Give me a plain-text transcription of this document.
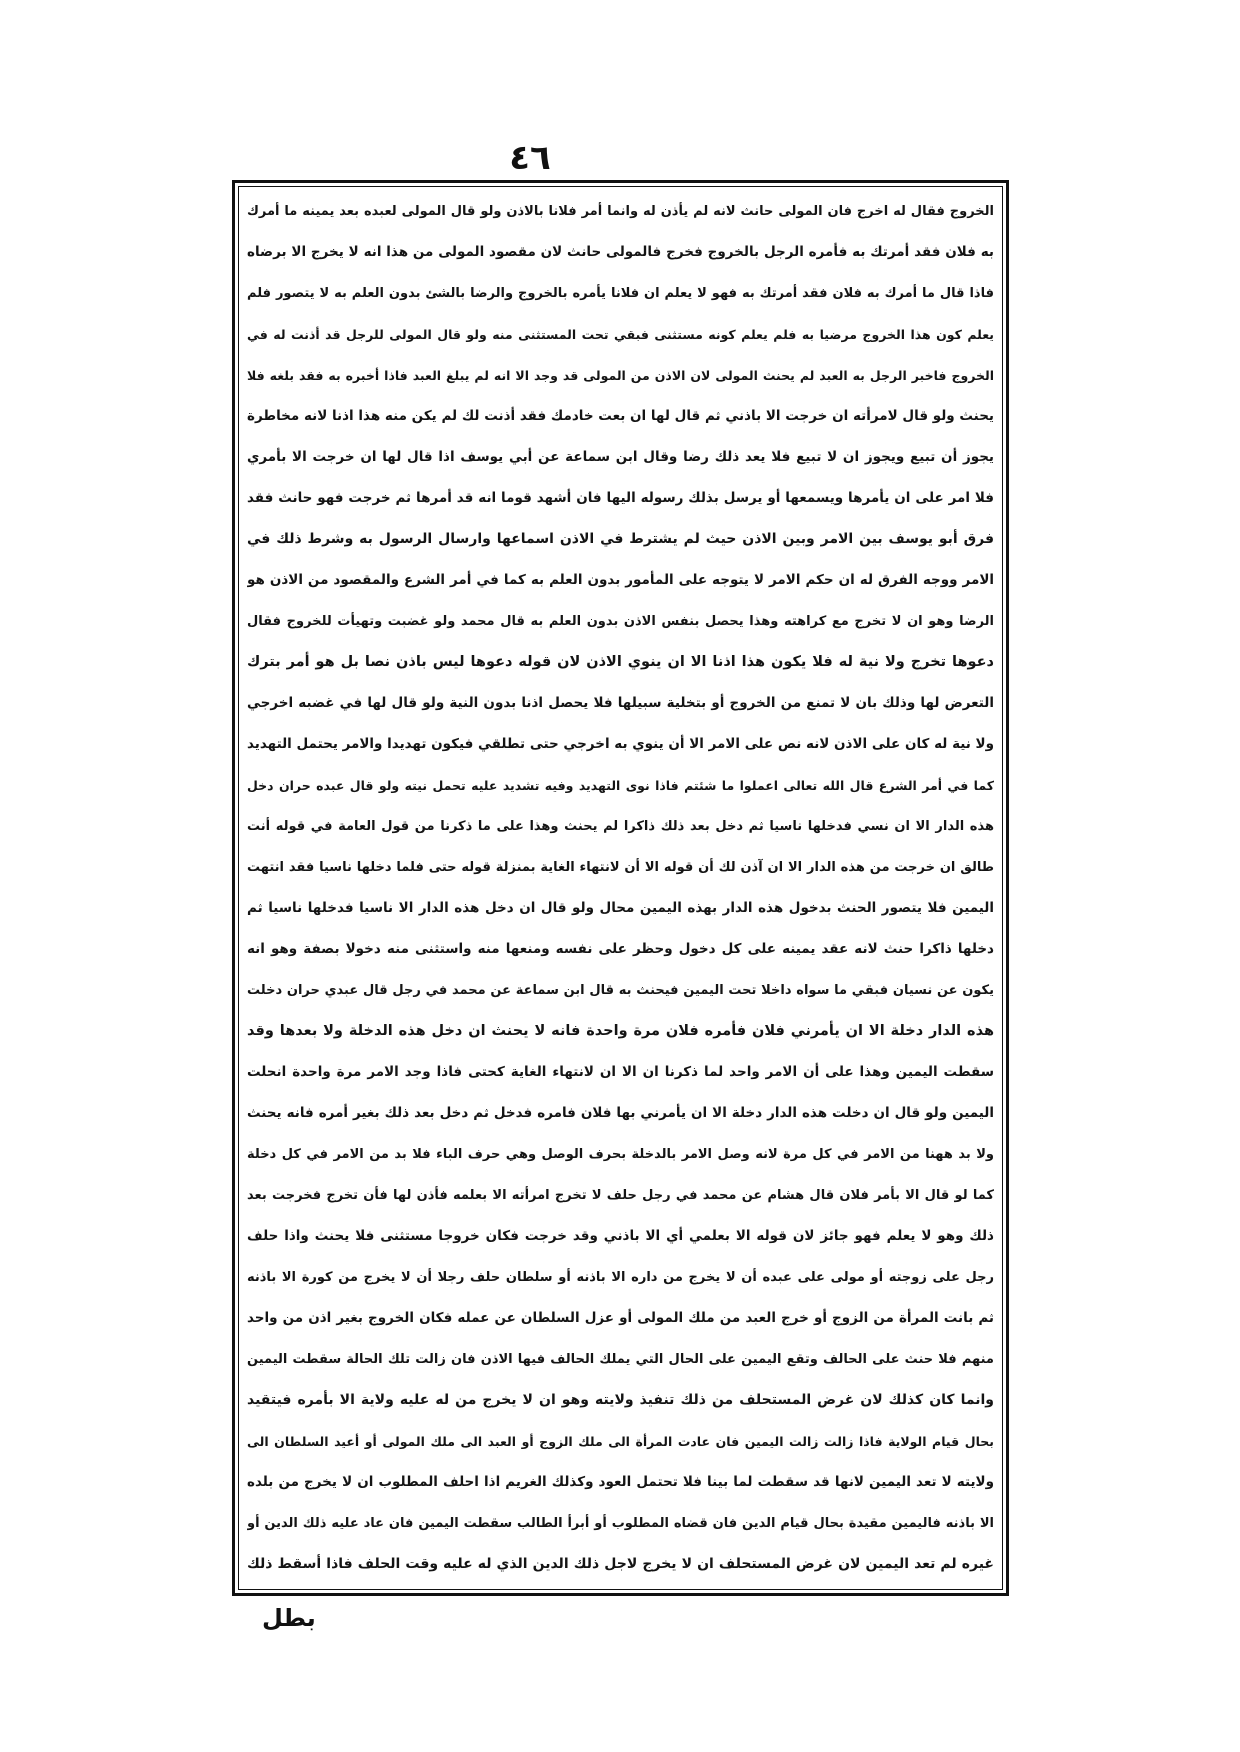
٤٦
الخروج فقال له اخرج فان المولى حانث لانه لم يأذن له وانما أمر فلانا بالاذن ولو قال المولى لعبده بعد يمينه ما أمرك
به فلان فقد أمرتك به فأمره الرجل بالخروج فخرج فالمولى حانث لان مقصود المولى من هذا انه لا يخرج الا برضاه
فاذا قال ما أمرك به فلان فقد أمرتك به فهو لا يعلم ان فلانا يأمره بالخروج والرضا بالشئ بدون العلم به لا يتصور فلم
يعلم كون هذا الخروج مرضيا به فلم يعلم كونه مستثنى فبقي تحت المستثنى منه ولو قال المولى للرجل قد أذنت له في
الخروج فاخبر الرجل به العبد لم يحنث المولى لان الاذن من المولى قد وجد الا انه لم يبلغ العبد فاذا أخبره به فقد بلغه فلا
يحنث ولو قال لامرأته ان خرجت الا باذني ثم قال لها ان بعت خادمك فقد أذنت لك لم يكن منه هذا اذنا لانه مخاطرة
يجوز أن تبيع ويجوز ان لا تبيع فلا يعد ذلك رضا وقال ابن سماعة عن أبي يوسف اذا قال لها ان خرجت الا بأمري
فلا امر على ان يأمرها ويسمعها أو يرسل بذلك رسوله اليها فان أشهد قوما انه قد أمرها ثم خرجت فهو حانث فقد
فرق أبو يوسف بين الامر وبين الاذن حيث لم يشترط في الاذن اسماعها وارسال الرسول به وشرط ذلك في
الامر ووجه الفرق له ان حكم الامر لا يتوجه على المأمور بدون العلم به كما في أمر الشرع والمقصود من الاذن هو
الرضا وهو ان لا تخرج مع كراهته وهذا يحصل بنفس الاذن بدون العلم به قال محمد ولو غضبت وتهيأت للخروج فقال
دعوها تخرج ولا نية له فلا يكون هذا اذنا الا ان ينوي الاذن لان قوله دعوها ليس باذن نصا بل هو أمر بترك
التعرض لها وذلك بان لا تمنع من الخروج أو بتخلية سبيلها فلا يحصل اذنا بدون النية ولو قال لها في غضبه اخرجي
ولا نية له كان على الاذن لانه نص على الامر الا أن ينوي به اخرجي حتى تطلقي فيكون تهديدا والامر يحتمل التهديد
كما في أمر الشرع قال الله تعالى اعملوا ما شئتم فاذا نوى التهديد وفيه تشديد عليه تحمل نيته ولو قال عبده حران دخل
هذه الدار الا ان نسي فدخلها ناسيا ثم دخل بعد ذلك ذاكرا لم يحنث وهذا على ما ذكرنا من قول العامة في قوله أنت
طالق ان خرجت من هذه الدار الا ان آذن لك أن قوله الا أن لانتهاء الغاية بمنزلة قوله حتى فلما دخلها ناسيا فقد انتهت
اليمين فلا يتصور الحنث بدخول هذه الدار بهذه اليمين محال ولو قال ان دخل هذه الدار الا ناسيا فدخلها ناسيا ثم
دخلها ذاكرا حنث لانه عقد يمينه على كل دخول وحظر على نفسه ومنعها منه واستثنى منه دخولا بصفة وهو انه
يكون عن نسيان فبقي ما سواه داخلا تحت اليمين فيحنث به قال ابن سماعة عن محمد في رجل قال عبدي حران دخلت
هذه الدار دخلة الا ان يأمرني فلان فأمره فلان مرة واحدة فانه لا يحنث ان دخل هذه الدخلة ولا بعدها وقد
سقطت اليمين وهذا على أن الامر واحد لما ذكرنا ان الا ان لانتهاء الغاية كحتى فاذا وجد الامر مرة واحدة انحلت
اليمين ولو قال ان دخلت هذه الدار دخلة الا ان يأمرني بها فلان فامره فدخل ثم دخل بعد ذلك بغير أمره فانه يحنث
ولا بد ههنا من الامر في كل مرة لانه وصل الامر بالدخلة بحرف الوصل وهي حرف الباء فلا بد من الامر في كل دخلة
كما لو قال الا بأمر فلان قال هشام عن محمد في رجل حلف لا تخرج امرأته الا بعلمه فأذن لها فأن تخرج فخرجت بعد
ذلك وهو لا يعلم فهو جائز لان قوله الا بعلمي أي الا باذني وقد خرجت فكان خروجا مستثنى فلا يحنث واذا حلف
رجل على زوجته أو مولى على عبده أن لا يخرج من داره الا باذنه أو سلطان حلف رجلا أن لا يخرج من كورة الا باذنه
ثم بانت المرأة من الزوج أو خرج العبد من ملك المولى أو عزل السلطان عن عمله فكان الخروج بغير اذن من واحد
منهم فلا حنث على الحالف وتقع اليمين على الحال التي يملك الحالف فيها الاذن فان زالت تلك الحالة سقطت اليمين
وانما كان كذلك لان غرض المستحلف من ذلك تنفيذ ولايته وهو ان لا يخرج من له عليه ولاية الا بأمره فيتقيد
بحال قيام الولاية فاذا زالت زالت اليمين فان عادت المرأة الى ملك الزوج أو العبد الى ملك المولى أو أعيد السلطان الى
ولايته لا تعد اليمين لانها قد سقطت لما بينا فلا تحتمل العود وكذلك الغريم اذا احلف المطلوب ان لا يخرج من بلده
الا باذنه فاليمين مقيدة بحال قيام الدين فان قضاه المطلوب أو أبرأ الطالب سقطت اليمين فان عاد عليه ذلك الدين أو
غيره لم تعد اليمين لان غرض المستحلف ان لا يخرج لاجل ذلك الدين الذي له عليه وقت الحلف فاذا أسقط ذلك
بطل
